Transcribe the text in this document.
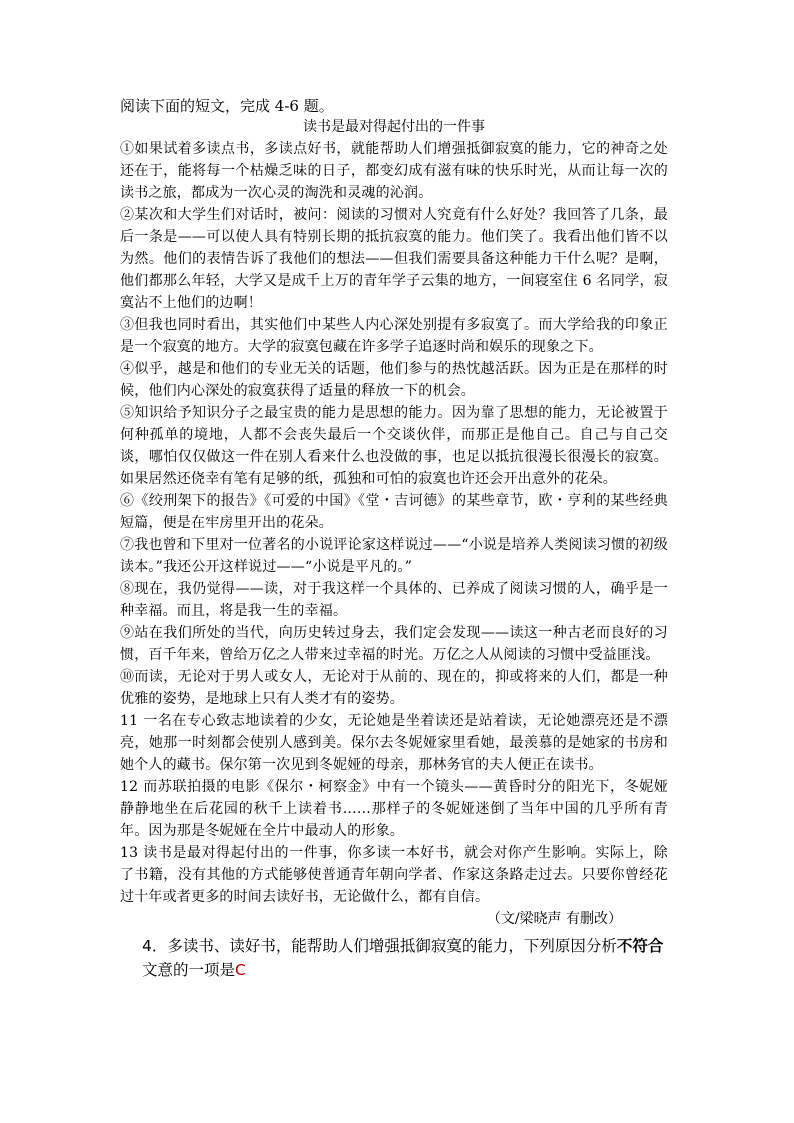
阅读下面的短文，完成 4-6 题。

读书是最对得起付出的一件事

①如果试着多读点书，多读点好书，就能帮助人们增强抵御寂寞的能力，它的神奇之处还在于，能将每一个枯燥乏味的日子，都变幻成有滋有味的快乐时光，从而让每一次的读书之旅，都成为一次心灵的淘洗和灵魂的沁润。

②某次和大学生们对话时，被问：阅读的习惯对人究竟有什么好处？我回答了几条，最后一条是——可以使人具有特别长期的抵抗寂寞的能力。他们笑了。我看出他们皆不以为然。他们的表情告诉了我他们的想法——但我们需要具备这种能力干什么呢？是啊，他们都那么年轻，大学又是成千上万的青年学子云集的地方，一间寝室住 6 名同学，寂寞沾不上他们的边啊！

③但我也同时看出，其实他们中某些人内心深处别提有多寂寞了。而大学给我的印象正是一个寂寞的地方。大学的寂寞包藏在许多学子追逐时尚和娱乐的现象之下。

④似乎，越是和他们的专业无关的话题，他们参与的热忱越活跃。因为正是在那样的时候，他们内心深处的寂寞获得了适量的释放一下的机会。

⑤知识给予知识分子之最宝贵的能力是思想的能力。因为靠了思想的能力，无论被置于何种孤单的境地，人都不会丧失最后一个交谈伙伴，而那正是他自己。自己与自己交谈，哪怕仅仅做这一件在别人看来什么也没做的事，也足以抵抗很漫长很漫长的寂寞。如果居然还侥幸有笔有足够的纸，孤独和可怕的寂寞也许还会开出意外的花朵。

⑥《绞刑架下的报告》《可爱的中国》《堂・吉诃德》的某些章节，欧・亨利的某些经典短篇，便是在牢房里开出的花朵。

⑦我也曾和下里对一位著名的小说评论家这样说过——“小说是培养人类阅读习惯的初级读本。”我还公开这样说过——“小说是平凡的。”

⑧现在，我仍觉得——读，对于我这样一个具体的、已养成了阅读习惯的人，确乎是一种幸福。而且，将是我一生的幸福。

⑨站在我们所处的当代，向历史转过身去，我们定会发现——读这一种古老而良好的习惯，百千年来，曾给万亿之人带来过幸福的时光。万亿之人从阅读的习惯中受益匪浅。

⑩而读，无论对于男人或女人，无论对于从前的、现在的，抑或将来的人们，都是一种优雅的姿势，是地球上只有人类才有的姿势。

11 一名在专心致志地读着的少女，无论她是坐着读还是站着读，无论她漂亮还是不漂亮，她那一时刻都会使别人感到美。保尔去冬妮娅家里看她，最羡慕的是她家的书房和她个人的藏书。保尔第一次见到冬妮娅的母亲，那林务官的夫人便正在读书。

12 而苏联拍摄的电影《保尔・柯察金》中有一个镜头——黄昏时分的阳光下，冬妮娅静静地坐在后花园的秋千上读着书……那样子的冬妮娅迷倒了当年中国的几乎所有青年。因为那是冬妮娅在全片中最动人的形象。

13 读书是最对得起付出的一件事，你多读一本好书，就会对你产生影响。实际上，除了书籍，没有其他的方式能够使普通青年朝向学者、作家这条路走过去。只要你曾经花过十年或者更多的时间去读好书，无论做什么，都有自信。

（文/梁晓声 有删改）

4．多读书、读好书，能帮助人们增强抵御寂寞的能力，下列原因分析不符合文意的一项是C
